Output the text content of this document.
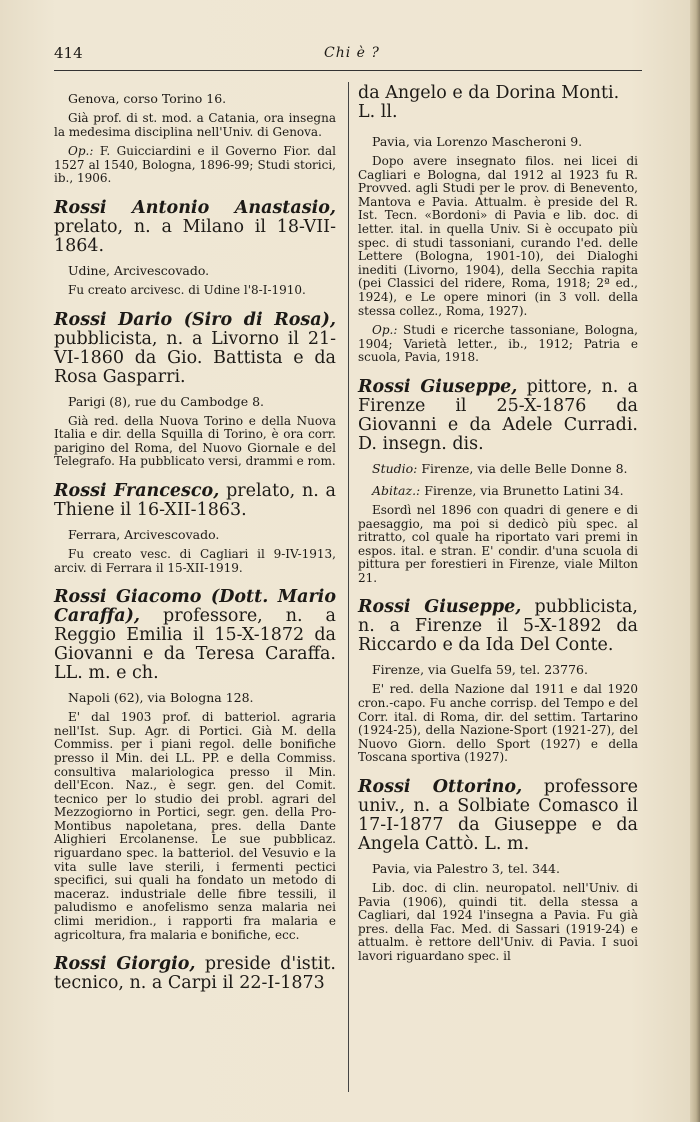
414	Chi è ?

Genova, corso Torino 16.

Già prof. di st. mod. a Catania, ora insegna la medesima disciplina nell'Univ. di Genova.

Op.: F. Guicciardini e il Governo Fior. dal 1527 al 1540, Bologna, 1896-99; Studi storici, ib., 1906.

Rossi Antonio Anastasio, prelato, n. a Milano il 18-VII-1864.

Udine, Arcivescovado.

Fu creato arcivesc. di Udine l'8-I-1910.

Rossi Dario (Siro di Rosa), pubblicista, n. a Livorno il 21-VI-1860 da Gio. Battista e da Rosa Gasparri.

Parigi (8), rue du Cambodge 8.

Già red. della Nuova Torino e della Nuova Italia e dir. della Squilla di Torino, è ora corr. parigino del Roma, del Nuovo Giornale e del Telegrafo. Ha pubblicato versi, drammi e rom.

Rossi Francesco, prelato, n. a Thiene il 16-XII-1863.

Ferrara, Arcivescovado.

Fu creato vesc. di Cagliari il 9-IV-1913, arciv. di Ferrara il 15-XII-1919.

Rossi Giacomo (Dott. Mario Caraffa), professore, n. a Reggio Emilia il 15-X-1872 da Giovanni e da Teresa Caraffa. LL. m. e ch.

Napoli (62), via Bologna 128.

E' dal 1903 prof. di batteriol. agraria nell'Ist. Sup. Agr. di Portici. Già M. della Commiss. per i piani regol. delle bonifiche presso il Min. dei LL. PP. e della Commiss. consultiva malariologica presso il Min. dell'Econ. Naz., è segr. gen. del Comit. tecnico per lo studio dei probl. agrari del Mezzogiorno in Portici, segr. gen. della Pro-Montibus napoletana, pres. della Dante Alighieri Ercolanense. Le sue pubblicaz. riguardano spec. la batteriol. del Vesuvio e la vita sulle lave sterili, i fermenti pectici specifici, sui quali ha fondato un metodo di macerаz. industriale delle fibre tessili, il paludismo e anofelismo senza malaria nei climi meridion., i rapporti fra malaria e agricoltura, fra malaria e bonifiche, ecc.

Rossi Giorgio, preside d'istit. tecnico, n. a Carpi il 22-I-1873

da Angelo e da Dorina Monti. L. ll.

Pavia, via Lorenzo Mascheroni 9.

Dopo avere insegnato filos. nei licei di Cagliari e Bologna, dal 1912 al 1923 fu R. Provved. agli Studi per le prov. di Benevento, Mantova e Pavia. Attualm. è preside del R. Ist. Tecn. «Bordoni» di Pavia e lib. doc. di letter. ital. in quella Univ. Si è occupato più spec. di studi tassoniani, curando l'ed. delle Lettere (Bologna, 1901-10), dei Dialoghi inediti (Livorno, 1904), della Secchia rapita (pei Classici del ridere, Roma, 1918; 2ª ed., 1924), e Le opere minori (in 3 voll. della stessa collez., Roma, 1927).

Op.: Studi e ricerche tassoniane, Bologna, 1904; Varietà letter., ib., 1912; Patria e scuola, Pavia, 1918.

Rossi Giuseppe, pittore, n. a Firenze il 25-X-1876 da Giovanni e da Adele Curradi. D. insegn. dis.

Studio: Firenze, via delle Belle Donne 8.

Abitaz.: Firenze, via Brunetto Latini 34.

Esordì nel 1896 con quadri di genere e di paesaggio, ma poi si dedicò più spec. al ritratto, col quale ha riportato vari premi in espos. ital. e stran. E' condir. d'una scuola di pittura per forestieri in Firenze, viale Milton 21.

Rossi Giuseppe, pubblicista, n. a Firenze il 5-X-1892 da Riccardo e da Ida Del Conte.

Firenze, via Guelfa 59, tel. 23776.

E' red. della Nazione dal 1911 e dal 1920 cron.-capo. Fu anche corrisp. del Tempo e del Corr. ital. di Roma, dir. del settim. Tartarino (1924-25), della Nazione-Sport (1921-27), del Nuovo Giorn. dello Sport (1927) e della Toscana sportiva (1927).

Rossi Ottorino, professore univ., n. a Solbiate Comasco il 17-I-1877 da Giuseppe e da Angela Cattò. L. m.

Pavia, via Palestro 3, tel. 344.

Lib. doc. di clin. neuropatol. nell'Univ. di Pavia (1906), quindi tit. della stessa a Cagliari, dal 1924 l'insegna a Pavia. Fu già pres. della Fac. Med. di Sassari (1919-24) e attualm. è rettore dell'Univ. di Pavia. I suoi lavori riguardano spec. il
